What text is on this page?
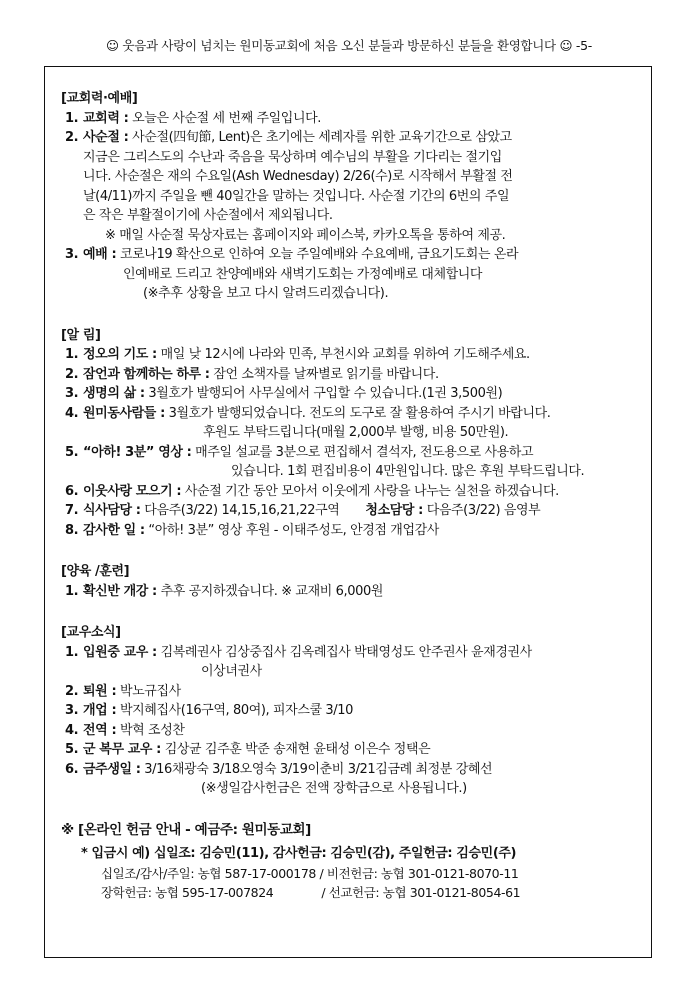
☺ 웃음과 사랑이 넘치는 원미동교회에 처음 오신 분들과 방문하신 분들을 환영합니다 ☺ -5-

[교회력·예배]

1. 교회력 : 오늘은 사순절 세 번째 주일입니다.
2. 사순절 : 사순절(四旬節, Lent)은 초기에는 세례자를 위한 교육기간으로 삼았고
지금은 그리스도의 수난과 죽음을 묵상하며 예수님의 부활을 기다리는 절기입
니다. 사순절은 재의 수요일(Ash Wednesday) 2/26(수)로 시작해서 부활절 전
날(4/11)까지 주일을 뺀 40일간을 말하는 것입니다. 사순절 기간의 6번의 주일
은 작은 부활절이기에 사순절에서 제외됩니다.
※ 매일 사순절 묵상자료는 홈페이지와 페이스북, 카카오톡을 통하여 제공.
3. 예배 : 코로나19 확산으로 인하여 오늘 주일예배와 수요예배, 금요기도회는 온라
인예배로 드리고 찬양예배와 새벽기도회는 가정예배로 대체합니다
(※추후 상황을 보고 다시 알려드리겠습니다).

[알 림]

1. 정오의 기도 : 매일 낮 12시에 나라와 민족, 부천시와 교회를 위하여 기도해주세요.
2. 잠언과 함께하는 하루 : 잠언 소책자를 날짜별로 읽기를 바랍니다.
3. 생명의 삶 : 3월호가 발행되어 사무실에서 구입할 수 있습니다.(1권 3,500원)
4. 원미동사람들 : 3월호가 발행되었습니다. 전도의 도구로 잘 활용하여 주시기 바랍니다.
후원도 부탁드립니다(매월 2,000부 발행, 비용 50만원).
5. “아하! 3분” 영상 : 매주일 설교를 3분으로 편집해서 결석자, 전도용으로 사용하고
있습니다. 1회 편집비용이 4만원입니다. 많은 후원 부탁드립니다.
6. 이웃사랑 모으기 : 사순절 기간 동안 모아서 이웃에게 사랑을 나누는 실천을 하겠습니다.
7. 식사담당 : 다음주(3/22) 14,15,16,21,22구역 청소담당 : 다음주(3/22) 음영부
8. 감사한 일 : “아하! 3분” 영상 후원 - 이태주성도, 안경점 개업감사

[양육 /훈련]

1. 확신반 개강 : 추후 공지하겠습니다. ※ 교재비 6,000원

[교우소식]

1. 입원중 교우 : 김복례권사 김상중집사 김옥례집사 박태영성도 안주권사 윤재경권사
이상녀권사
2. 퇴원 : 박노규집사
3. 개업 : 박지혜집사(16구역, 80여), 피자스쿨 3/10
4. 전역 : 박혁 조성찬
5. 군 복무 교우 : 김상균 김주훈 박준 송재현 윤태성 이은수 정택은
6. 금주생일 : 3/16채광숙 3/18오영숙 3/19이춘비 3/21김금례 최정분 강혜선
(※생일감사헌금은 전액 장학금으로 사용됩니다.)
※ [온라인 헌금 안내 - 예금주: 원미동교회]
* 입금시 예) 십일조: 김승민(11), 감사헌금: 김승민(감), 주일헌금: 김승민(주)
십일조/감사/주일: 농협 587-17-000178 / 비전헌금: 농협 301-0121-8070-11
장학헌금: 농협 595-17-007824	/ 선교헌금: 농협 301-0121-8054-61
